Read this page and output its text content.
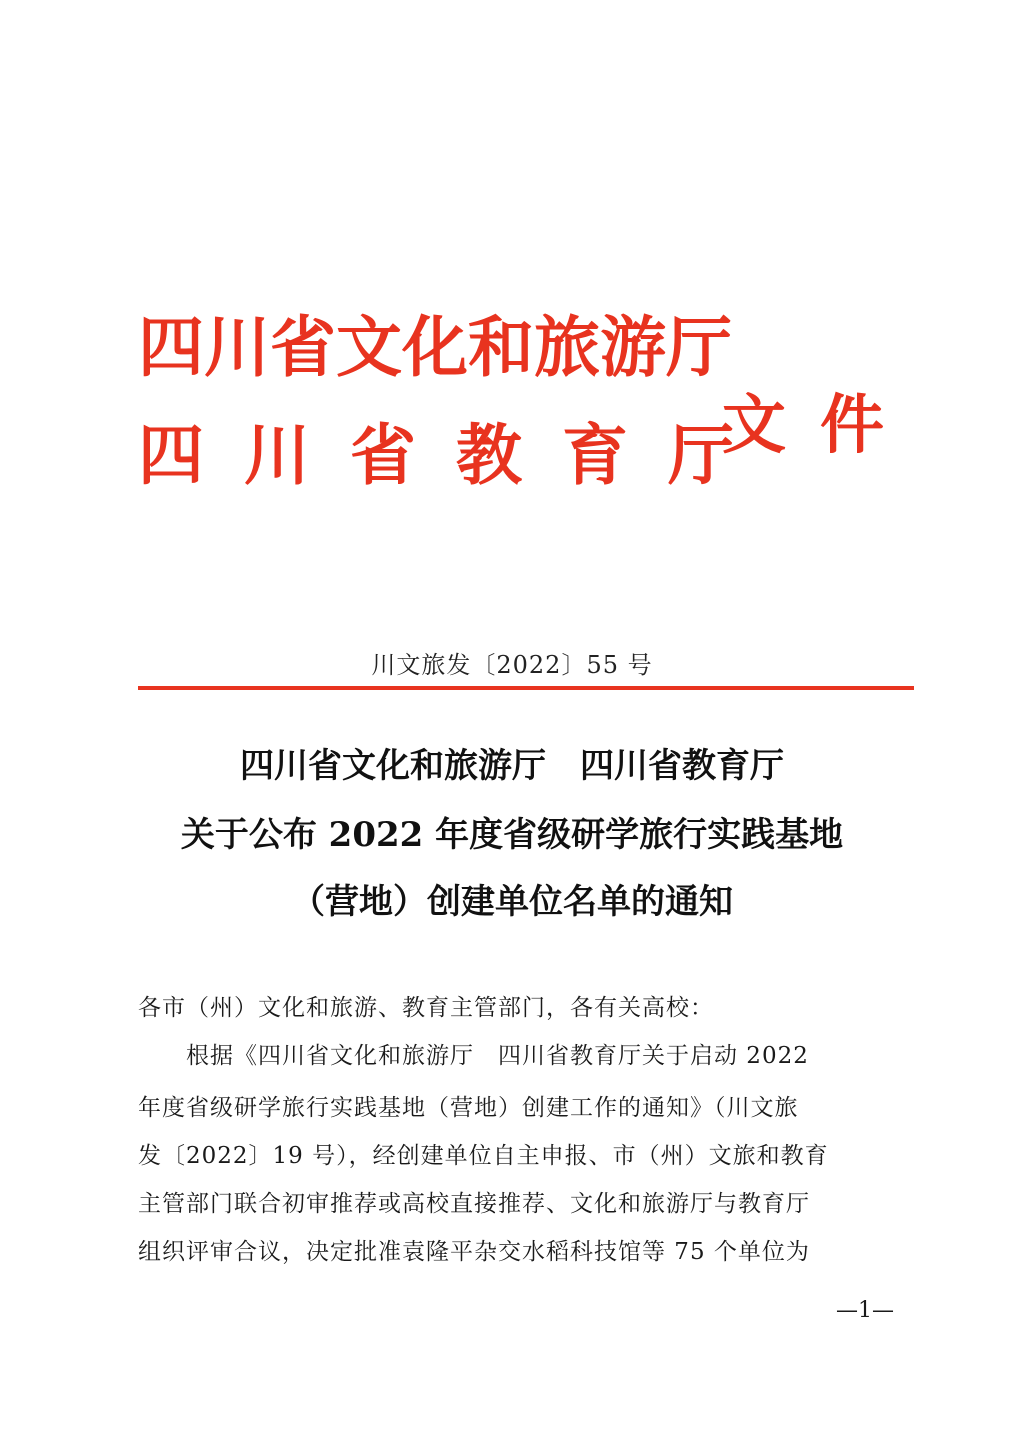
四川省文化和旅游厅
四川省教育厅
文件
川文旅发〔2022〕55 号
四川省文化和旅游厅　四川省教育厅
关于公布 2022 年度省级研学旅行实践基地
（营地）创建单位名单的通知
各市（州）文化和旅游、教育主管部门，各有关高校：
根据《四川省文化和旅游厅　四川省教育厅关于启动 2022
年度省级研学旅行实践基地（营地）创建工作的通知》（川文旅
发〔2022〕19 号），经创建单位自主申报、市（州）文旅和教育
主管部门联合初审推荐或高校直接推荐、文化和旅游厅与教育厅
组织评审合议，决定批准袁隆平杂交水稻科技馆等 75 个单位为
—1—
